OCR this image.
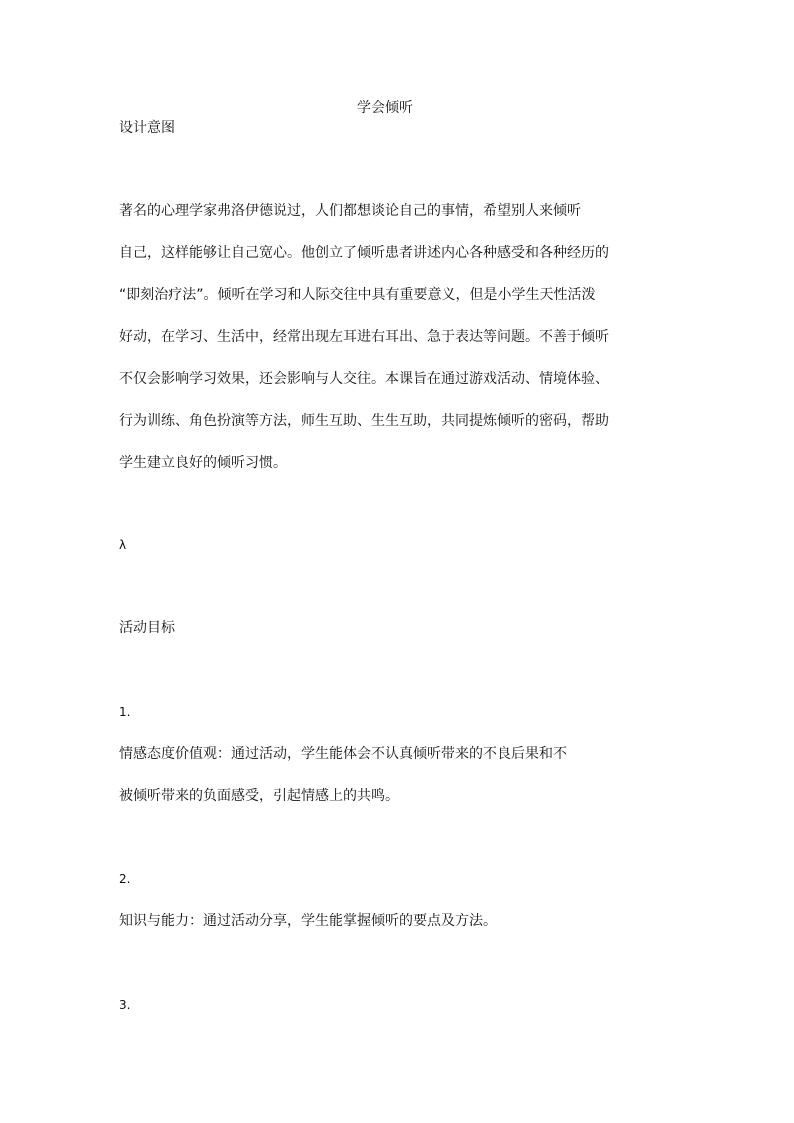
学会倾听
设计意图
著名的心理学家弗洛伊德说过，人们都想谈论自己的事情，希望别人来倾听
自己，这样能够让自己宽心。他创立了倾听患者讲述内心各种感受和各种经历的
“即刻治疗法”。倾听在学习和人际交往中具有重要意义，但是小学生天性活泼
好动，在学习、生活中，经常出现左耳进右耳出、急于表达等问题。不善于倾听
不仅会影响学习效果，还会影响与人交往。本课旨在通过游戏活动、情境体验、
行为训练、角色扮演等方法，师生互助、生生互助，共同提炼倾听的密码，帮助
学生建立良好的倾听习惯。
λ
活动目标
1.
情感态度价值观：通过活动，学生能体会不认真倾听带来的不良后果和不
被倾听带来的负面感受，引起情感上的共鸣。
2.
知识与能力：通过活动分享，学生能掌握倾听的要点及方法。
3.
